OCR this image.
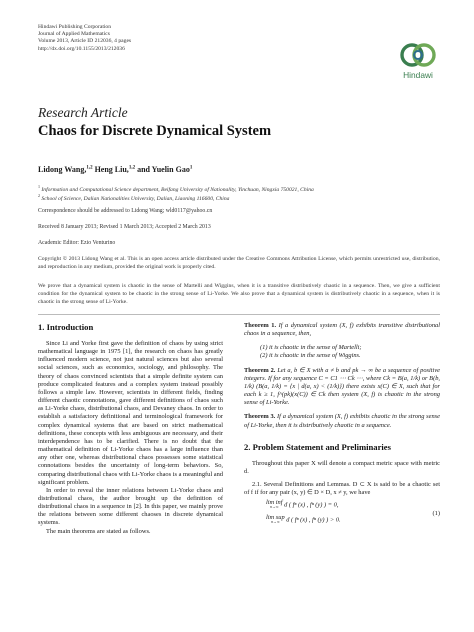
Hindawi Publishing Corporation
Journal of Applied Mathematics
Volume 2013, Article ID 212036, 4 pages
http://dx.doi.org/10.1155/2013/212036
Hindawi
Research Article
Chaos for Discrete Dynamical System
Lidong Wang,$^{1,2}$ Heng Liu,$^{1,2}$ and Yuelin Gao$^1$
$^1$ Information and Computational Science department, Beifang University of Nationality, Yinchuan, Ningxia 750021, China
$^2$ School of Science, Dalian Nationalities University, Dalian, Liaoning 116600, China
Correspondence should be addressed to Lidong Wang; wld0117@yahoo.cn
Received 8 January 2013; Revised 1 March 2013; Accepted 2 March 2013
Academic Editor: Ezio Venturino
Copyright © 2013 Lidong Wang et al. This is an open access article distributed under the Creative Commons Attribution License, which permits unrestricted use, distribution, and reproduction in any medium, provided the original work is properly cited.
We prove that a dynamical system is chaotic in the sense of Martelli and Wiggins, when it is a transitive distributively chaotic in a sequence. Then, we give a sufficient condition for the dynamical system to be chaotic in the strong sense of Li-Yorke. We also prove that a dynamical system is distributively chaotic in a sequence, when it is chaotic in the strong sense of Li-Yorke.
1. Introduction

Since Li and Yorke first gave the definition of chaos by using strict mathematical language in 1975 [1], the research on chaos has greatly influenced modern science, not just natural sciences but also several social sciences, such as economics, sociology, and philosophy. The theory of chaos convinced scientists that a simple definite system can produce complicated features and a complex system instead possibly follows a simple law. However, scientists in different fields, finding different chaotic connotations, gave different definitions of chaos such as Li-Yorke chaos, distributional chaos, and Devaney chaos. In order to establish a satisfactory definitional and terminological framework for complex dynamical systems that are based on strict mathematical definitions, these concepts with less ambiguous are necessary, and their interdependence has to be clarified. There is no doubt that the mathematical definition of Li-Yorke chaos has a large influence than any other one, whereas distributional chaos possesses some statistical connotations besides the uncertainty of long-term behaviors. So, comparing distributional chaos with Li-Yorke chaos is a meaningful and significant problem.

In order to reveal the inner relations between Li-Yorke chaos and distributional chaos, the author brought up the definition of distributional chaos in a sequence in [2]. In this paper, we mainly prove the relations between some different chaoses in discrete dynamical systems.

The main theorems are stated as follows.

Theorem 1. If a dynamical system (X, f) exhibits transitive distributional chaos in a sequence, then,

(1) it is chaotic in the sense of Martelli;
(2) it is chaotic in the sense of Wiggins.

Theorem 2. Let a, b ∈ X with a ≠ b and pk → ∞ be a sequence of positive integers. If for any sequence C = C1 ⋯ Ck ⋯, where Ck = B(a, 1/k) or B(b, 1/k) (B(a, 1/k) = {x | d(a, x) < (1/k)}) there exists x(C) ∈ X, such that for each k ≥ 1, f^(pk)(x(C)) ∈ Ck then system (X, f) is chaotic in the strong sense of Li-Yorke.

Theorem 3. If a dynamical system (X, f) exhibits chaotic in the strong sense of Li-Yorke, then it is distributively chaotic in a sequence.

2. Problem Statement and Preliminaries

Throughout this paper X will denote a compact metric space with metric d.

2.1. Several Definitions and Lemmas. D ⊂ X is said to be a chaotic set of f if for any pair (x, y) ∈ D × D, x ≠ y, we have

lim inf
n→∞ d ( fⁿ (x) , fⁿ (y) ) = 0,
lim sup
n→∞	d ( fⁿ (x) , fⁿ (y) ) > 0.
(1)
